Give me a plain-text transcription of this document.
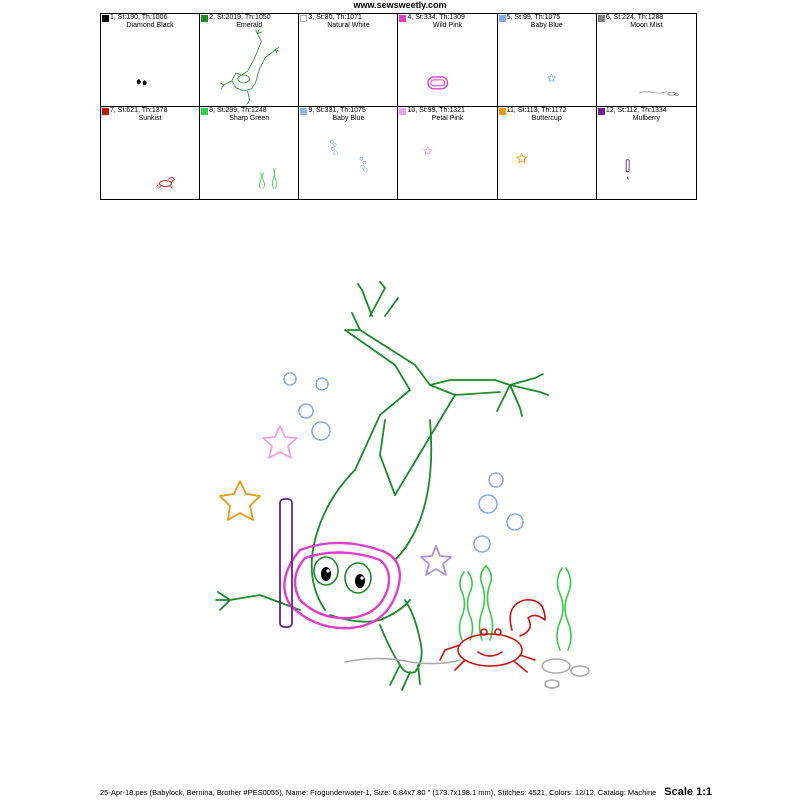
www.sewsweetly.com
1, St:190, Th:1006
Diamond Black
2, St:2019, Th:1050
Emerald
3, St:80, Th:1071
Natural White
4, St:334, Th:1309
Wild Pink
5, St:99, Th:1075
Baby Blue
6, St:224, Th:1288
Moon Mist
7, St:621, Th:1378
Sunkist
8, St:299, Th:1248
Sharp Green
9, St:331, Th:1075
Baby Blue
10, St:99, Th:1321
Petal Pink
11, St:113, Th:1172
Buttercup
12, St:112, Th:1334
Mulberry
25-Apr-18.pes (Babylock, Bernina, Brother #PES0055), Name: Frogunderwater-1, Size: 6.84x7.80 " (173.7x198.1 mm), Stitches: 4521, Colors: 12/12, Catalog: Machine Scale 1:1
